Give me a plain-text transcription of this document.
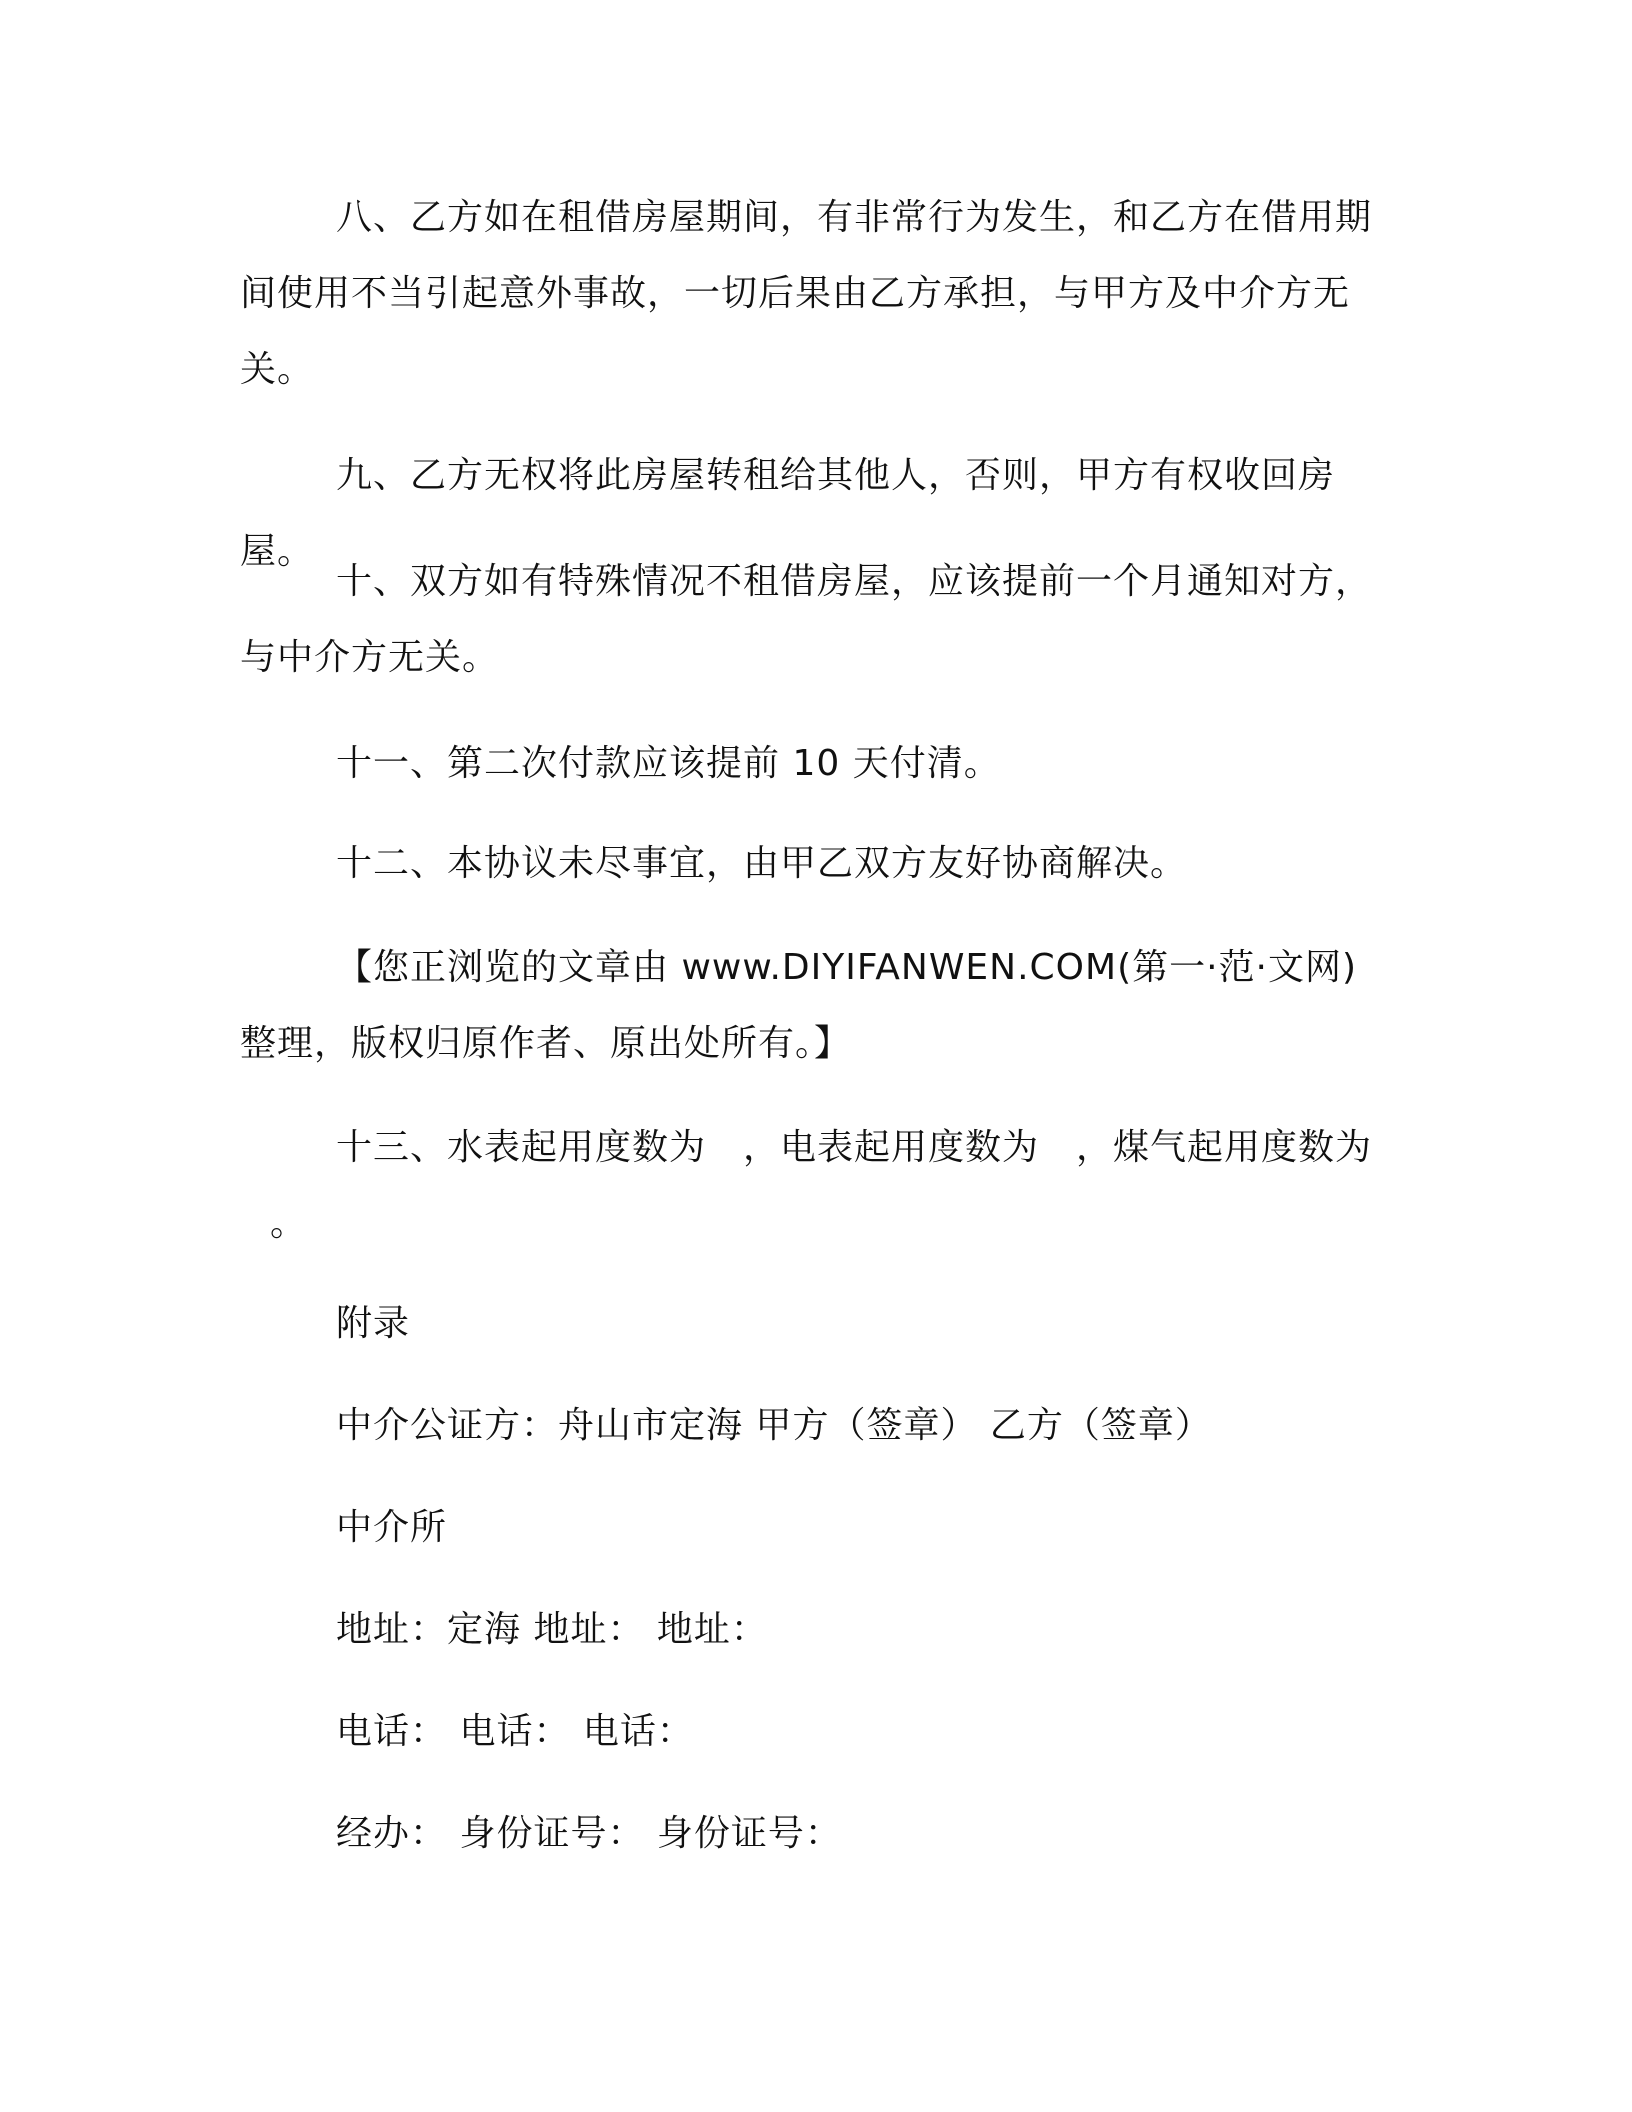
八、乙方如在租借房屋期间，有非常行为发生，和乙方在借用期间使用不当引起意外事故，一切后果由乙方承担，与甲方及中介方无关。

九、乙方无权将此房屋转租给其他人，否则，甲方有权收回房屋。

十、双方如有特殊情况不租借房屋，应该提前一个月通知对方，与中介方无关。

十一、第二次付款应该提前 10 天付清。

十二、本协议未尽事宜，由甲乙双方友好协商解决。

【您正浏览的文章由 www.DIYIFANWEN.COM(第一·范·文网)整理，版权归原作者、原出处所有。】

十三、水表起用度数为　，电表起用度数为　，煤气起用度数为

。

附录

中介公证方：舟山市定海 甲方（签章） 乙方（签章）

中介所

地址：定海 地址： 地址：

电话： 电话： 电话：

经办： 身份证号： 身份证号：
